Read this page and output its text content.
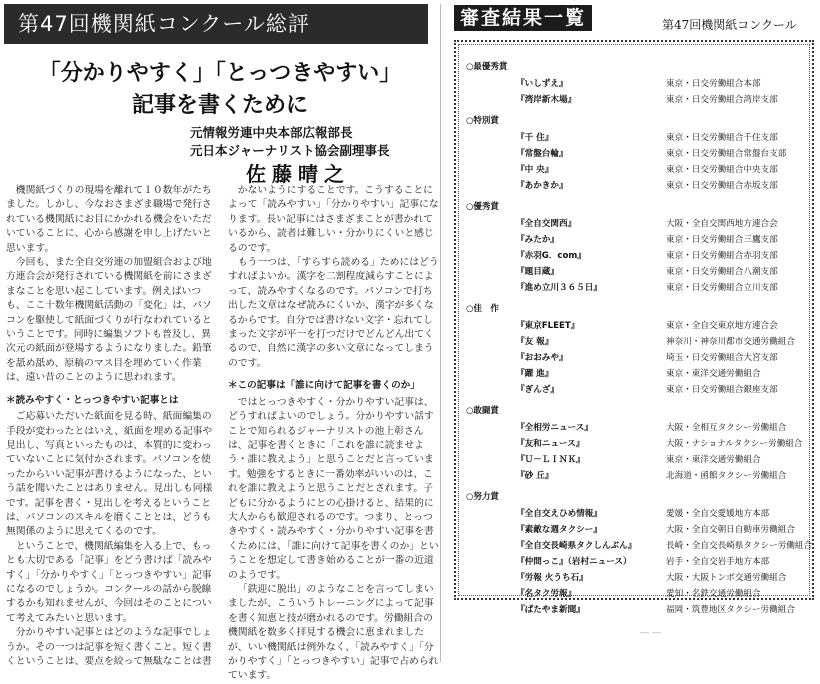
第47回機関紙コンクール総評
「分かりやすく」「とっつきやすい」
記事を書くために
元情報労連中央本部広報部長
元日本ジャーナリスト協会副理事長
佐藤晴之

機関紙づくりの現場を離れて１０数年がたちました。しかし、今なおさまざま職場で発行されている機関紙にお目にかかれる機会をいただいていることに、心から感謝を申し上げたいと思います。

今回も、また全自交労連の加盟組合および地方連合会が発行されている機関紙を前にさまざまなことを思い起こしています。例えばいつも、ここ十数年機関紙活動の「変化」は、パソコンを駆使して紙面づくりが行なわれているということです。同時に編集ソフトも普及し、異次元の紙面が登場するようになりました。鉛筆を舐め舐め、原稿のマス目を埋めていく作業は、遠い昔のことのように思われます。

＊読みやすく・とっつきやすい記事とは

ご応募いただいた紙面を見る時、紙面編集の手段が変わったとはいえ、紙面を埋める記事や見出し、写真といったものは、本質的に変わっていないことに気付かされます。パソコンを使ったからいい記事が書けるようになった、という話を聞いたことはありません。見出しも同様です。記事を書く・見出しを考えるということは、パソコンのスキルを磨くこととは、どうも無関係のように思えてくるのです。

ということで、機関紙編集を入る上で、もっとも大切である「記事」をどう書けば「読みやすく」「分かりやすく」「とっつきやすい」記事になるのでしょうか。コンクールの話から脱線するかも知れませんが、今回はそのことについて考えてみたいと思います。

分かりやすい記事とはどのような記事でしょうか。その一つは記事を短く書くこと。短く書くということは、要点を絞って無駄なことは書

かないようにすることです。こうすることによって「読みやすい」「分かりやすい」記事になります。長い記事にはさまざまことが書かれているから、読者は難しい・分かりにくいと感じるのです。

もう一つは、「すらすら読める」ためにはどうすればよいか。漢字を二割程度減らすことによって、読みやすくなるのです。パソコンで打ち出した文章はなぜ読みにくいか、漢字が多くなるからです。自分では書けない文字・忘れてしまった文字が平一を打つだけでどんどん出てくるので、自然に漢字の多い文章になってしまうのです。

＊この記事は「誰に向けて記事を書くのか」

ではとっつきやすく・分かりやすい記事は、どうすればよいのでしょう。分かりやすい話すことで知られるジャーナリストの池上彰さんは、記事を書くときに「これを誰に読ませよう・誰に教えよう」と思うことだと言っています。勉強をするときに一番効率がいいのは、これを誰に教えようと思うことだとされます。子どもに分かるようにとの心掛けると、結果的に大人からも歓迎されるのです。つまり、とっつきやすく・読みやすく・分かりやすい記事を書くためには、「誰に向けて記事を書くのか」ということを想定して書き始めることが一番の近道のようです。

「鉄迎に脱出」のようなことを言ってしまいましたが、こういうトレーニングによって記事を書く知恵と技が磨かれるのです。労働組合の機関紙を数多く拝見する機会に恵まれましたが、いい機関紙は例外なく、「読みやすく」「分かりやすく」「とっつきやすい」記事で占められています。

審査結果一覧	第47回機関紙コンクール
○最優秀賞
『いしずえ』	東京・日交労働組合本部
『湾岸新木場』	東京・日交労働組合湾岸支部
○特別賞
『千 住』	東京・日交労働組合千住支部
『常盤台輪』	東京・日交労働組合常盤台支部
『中 央』	東京・日交労働組合中央支部
『あかきか』	東京・日交労働組合赤坂支部
○優秀賞
『全自交関西』	大阪・全自交関西地方連合会
『みたか』	東京・日交労働組合三鷹支部
『赤羽G．com』	東京・日交労働組合赤羽支部
『題目蔵』	東京・日交労働組合八潮支部
『進め立川３６５日』	東京・日交労働組合立川支部
○佳　作
『東京FLEET』	東京・全自交東京地方連合会
『友 報』	神奈川・神奈川都市交通労働組合
『おおみや』	埼玉・日交労働組合大宮支部
『躍 進』	東京・東洋交通労働組合
『ぎんざ』	東京・日交労働組合銀座支部
○敢闘賞
『全相労ニュース』	大阪・全相互タクシー労働組合
『友和ニュース』	大阪・ナショナルタクシー労働組合
『Ｕ－ＬＩＮＫ』	東京・東洋交通労働組合
『砂 丘』	北海道・函館タクシー労働組合
○努力賞
『全自交えひめ情報』	愛媛・全自交愛媛地方本部
『素敵な週タクシー』	大阪・全自交朝日自動車労働組合
『全自交長崎県タクしんぶん』	長崎・全自交長崎県タクシー労働組合
『仲間っこ』（岩村ニュース）	岩手・全自交岩手地方本部
『労報 火うち石』	大阪・大阪トンボ交通労働組合
『名タク労報』	愛知・名鉄交通労働組合
『ぱたやま新聞』	福岡・筑豊地区タクシー労働組合
― ―
